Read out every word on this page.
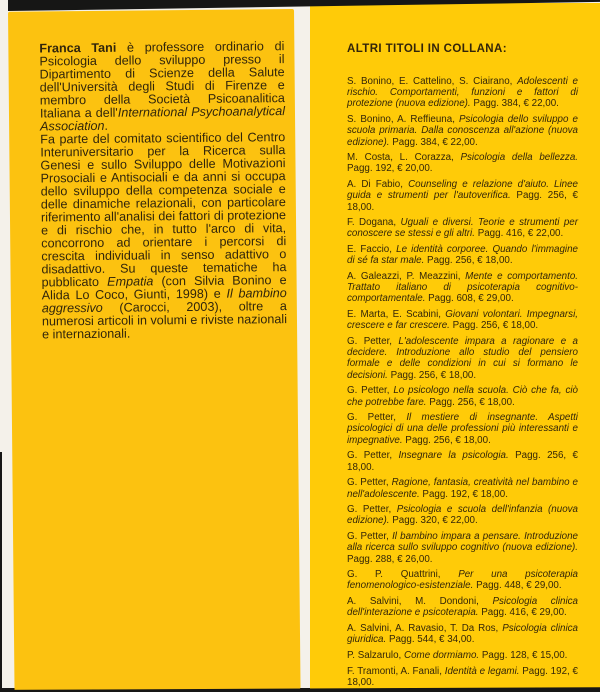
Franca Tani è professore ordinario di Psicologia dello sviluppo presso il Dipartimento di Scienze della Salute dell'Università degli Studi di Firenze e membro della Società Psicoanalitica Italiana a dell'International Psychoanalytical Association.

Fa parte del comitato scientifico del Centro Interuniversitario per la Ricerca sulla Genesi e sullo Sviluppo delle Motivazioni Prosociali e Antisociali e da anni si occupa dello sviluppo della competenza sociale e delle dinamiche relazionali, con particolare riferimento all'analisi dei fattori di protezione e di rischio che, in tutto l'arco di vita, concorrono ad orientare i percorsi di crescita individuali in senso adattivo o disadattivo. Su queste tematiche ha pubblicato Empatia (con Silvia Bonino e Alida Lo Coco, Giunti, 1998) e Il bambino aggressivo (Carocci, 2003), oltre a numerosi articoli in volumi e riviste nazionali e internazionali.

ALTRI TITOLI IN COLLANA:

S. Bonino, E. Cattelino, S. Ciairano, Adolescenti e rischio. Comportamenti, funzioni e fattori di protezione (nuova edizione). Pagg. 384, € 22,00.

S. Bonino, A. Reffieuna, Psicologia dello sviluppo e scuola primaria. Dalla conoscenza all'azione (nuova edizione). Pagg. 384, € 22,00.

M. Costa, L. Corazza, Psicologia della bellezza. Pagg. 192, € 20,00.

A. Di Fabio, Counseling e relazione d'aiuto. Linee guida e strumenti per l'autoverifica. Pagg. 256, € 18,00.

F. Dogana, Uguali e diversi. Teorie e strumenti per conoscere se stessi e gli altri. Pagg. 416, € 22,00.

E. Faccio, Le identità corporee. Quando l'immagine di sé fa star male. Pagg. 256, € 18,00.

A. Galeazzi, P. Meazzini, Mente e comportamento. Trattato italiano di psicoterapia cognitivo-comportamentale. Pagg. 608, € 29,00.

E. Marta, E. Scabini, Giovani volontari. Impegnarsi, crescere e far crescere. Pagg. 256, € 18,00.

G. Petter, L'adolescente impara a ragionare e a decidere. Introduzione allo studio del pensiero formale e delle condizioni in cui si formano le decisioni. Pagg. 256, € 18,00.

G. Petter, Lo psicologo nella scuola. Ciò che fa, ciò che potrebbe fare. Pagg. 256, € 18,00.

G. Petter, Il mestiere di insegnante. Aspetti psicologici di una delle professioni più interessanti e impegnative. Pagg. 256, € 18,00.

G. Petter, Insegnare la psicologia. Pagg. 256, € 18,00.

G. Petter, Ragione, fantasia, creatività nel bambino e nell'adolescente. Pagg. 192, € 18,00.

G. Petter, Psicologia e scuola dell'infanzia (nuova edizione). Pagg. 320, € 22,00.

G. Petter, Il bambino impara a pensare. Introduzione alla ricerca sullo sviluppo cognitivo (nuova edizione). Pagg. 288, € 26,00.

G. P. Quattrini, Per una psicoterapia fenomenologico-esistenziale. Pagg. 448, € 29,00.

A. Salvini, M. Dondoni, Psicologia clinica dell'interazione e psicoterapia. Pagg. 416, € 29,00.

A. Salvini, A. Ravasio, T. Da Ros, Psicologia clinica giuridica. Pagg. 544, € 34,00.

P. Salzarulo, Come dormiamo. Pagg. 128, € 15,00.

F. Tramonti, A. Fanali, Identità e legami. Pagg. 192, € 18,00.
